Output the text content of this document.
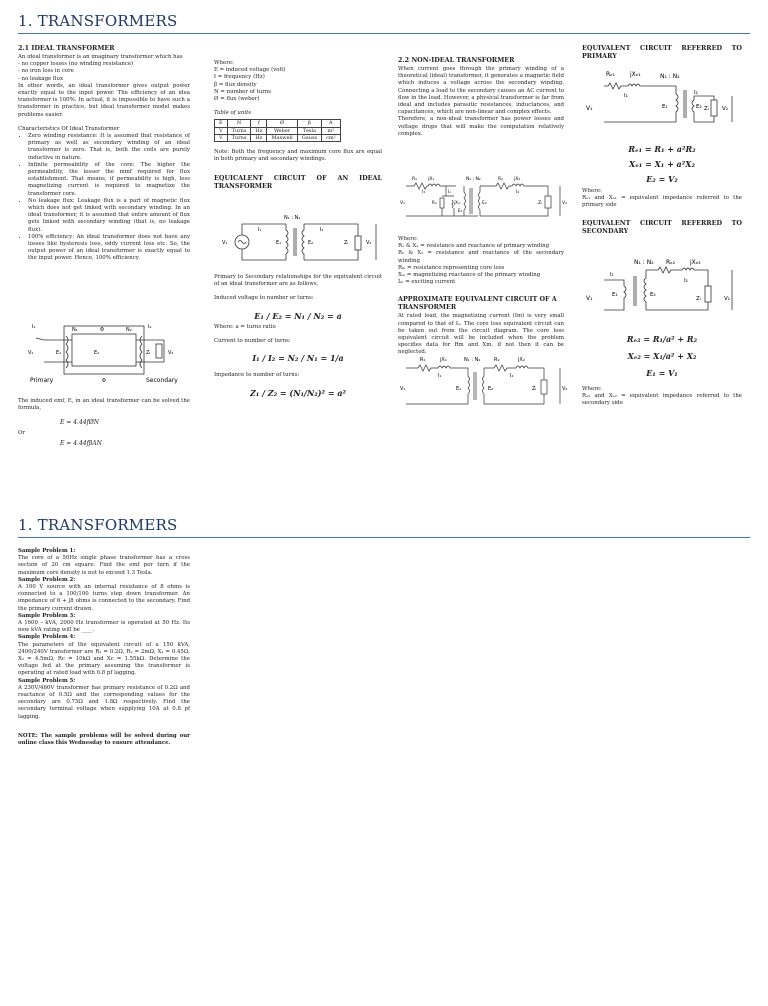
1. TRANSFORMERS
2.1 IDEAL TRANSFORMER
An ideal transformer is an imaginary transformer which has
- no copper losses (no winding resistance)
- no iron loss in core
- no leakage flux
In other words, an ideal transformer gives output power exactly equal to the input power. The efficiency of an idea transformer is 100%. In actual, it is impossible to have such a transformer in practice, but ideal transformer model makes problems easier.
Characteristics Of Ideal Transformer
• Zero winding resistance: It is assumed that resistance of primary as well as secondary winding of an ideal transformer is zero. That is, both the coils are purely inductive in nature.
• Infinite permeability of the core: The higher the permeability, the lesser the mmf required for flux establishment. That means, if permeability is high, less magnetizing current is required to magnetize the transformer core.
• No leakage flux: Leakage flux is a part of magnetic flux which does not get linked with secondary winding. In an ideal transformer, it is assumed that entire amount of flux gets linked with secondary winding (that is, no leakage flux).
• 100% efficiency: An ideal transformer does not have any losses like hysteresis loss, eddy current loss etc. So, the output power of an ideal transformer is exactly equal to the input power. Hence, 100% efficiency.
I₁	N₁	Φ	N₂	I₂
V₁	E₁	E₂	Zₗ	V₂
Primary	Φ	Secondary
The induced emf, E, in an ideal transformer can be solved the formula,
E = 4.44fØN
Or
E = 4.44fβAN
Where:
E = induced voltage (volt)
f = frequency (Hz)
β = flux density
N = number of turns
Ø = flux (weber)
Table of units
E	N	f	Ø	β	A
V	Turns	Hz	Weber	Tesla	m²
V	Turns	Hz	Maxwell	Gauss	cm²
Note: Both the frequency and maximum core flux are equal in both primary and secondary windings.
EQUICALENT CIRCUIT OF AN IDEAL
TRANSFORMER
N₁ : N₂
I₁	I₂
V₁	E₁	E₂	Zₗ	V₂
Primary to Secondary relationships for the equivalent circuit of an ideal transformer are as follows,
Induced voltage to number or turns:
E₁ / E₂ = N₁ / N₂ = a
Where: a = turns ratio
Current to number of turns:
I₁ / I₂ = N₂ / N₁ = 1/a
Impedance to number of turns:
Z₁ / Z₂ = (N₁/N₂)² = a²
2.2 NON-IDEAL TRANSFORMER
When current goes through the primary winding of a theoretical (ideal) transformer, it generates a magnetic field which induces a voltage across the secondary winding. Connecting a load to the secondary causes an AC current to flow in the load. However, a physical transformer is far from ideal and includes parasitic resistances, inductances, and capacitances, which are non-linear and complex effects.
Therefore, a non-ideal transformer has power losses and voltage drops that will make the computation relatively complex.
R₁ jX₁	N₁ : N₂	R₂ jX₂
I₁	Iₒ	I₂
V₁	Rₘ	jXₘ
E₁
E₂	Zₗ	V₂
Where:
R₁ & X₁ = resistance and reactance of primary winding
R₂ & X₂ = resistance and reactance of the secondary winding
Rₘ = resistance representing core loss
Xₘ = magnetizing reactance of the primary winding
Iₘ = exciting current
APPROXIMATE EQUIVALENT CIRCUIT OF A TRANSFORMER
At rated load, the magnetizing current (Im) is very small compared to that of I₁. The core loss equivalent circuit can be taken out from the circuit diagram. The core loss equivalent circuit will be included when the problem specifies data for Rm and Xm, if not then it can be neglected.
R₁	jX₁	N₁ : N₂	R₂	jX₂
I₁	I₂
V₁	E₁	E₂	Zₗ	V₂
EQUIVALENT CIRCUIT REFERRED TO
PRIMARY
Rₑ₁ jXₑ₁	N₁ : N₂
I₁	I₂
V₁	E₁	E₂ Zₗ V₂
Rₑ₁ = R₁ + a²R₂
Xₑ₁ = X₁ + a²X₂
E₂ = V₂
Where:
Rₑ₁ and Xₑ₁ = equivalent impedance referred to the primary side
EQUIVALENT CIRCUIT REFERRED TO
SECONDARY
N₁ : N₂ Rₑ₂ jXₑ₂
I₁
I₂
V₁	E₁	E₂
Zₗ	V₂
Rₑ₂ = R₁/a² + R₂
Xₑ₂ = X₁/a² + X₂
E₁ = V₁
Where:
Rₑ₂ and Xₑ₂ = equivalent impedance referred to the secondary side
1. TRANSFORMERS
Sample Problem 1:
The core of a 50Hz single phase transformer has a cross section of 20 cm square. Find the emf per turn if the maximum core density is not to exceed 1.3 Tesla.
Sample Problem 2:
A 100 V source with an internal resistance of 8 ohms is connected to a 100/100 turns step down transformer. An impedance of 6 + j8 ohms is connected to the secondary. Find the primary current drawn.
Sample Problem 3:
A 1600 – kVA, 2000 Hz transformer is operated at 50 Hz. Its new kVA rating will be ____.
Sample Problem 4:
The parameters of the equivalent circuit of a 150 kVA, 2400/240V transformer are R₁ = 0.2Ω, R₂ = 2mΩ, X₁ = 0.45Ω, X₂ = 4.5mΩ, Rc = 10kΩ and Xc = 1.55kΩ. Determine the voltage fed at the primary assuming the transformer is operating at rated load with 0.8 pf lagging.
Sample Problem 5:
A 230V/460V transformer has primary resistance of 0.2Ω and reactance of 0.5Ω and the corresponding values for the secondary are 0.75Ω and 1.8Ω respectively. Find the secondary terminal voltage when supplying 10A at 0.8 pf lagging.
NOTE: The sample problems will be solved during our online class this Wednesday to ensure attendance.
